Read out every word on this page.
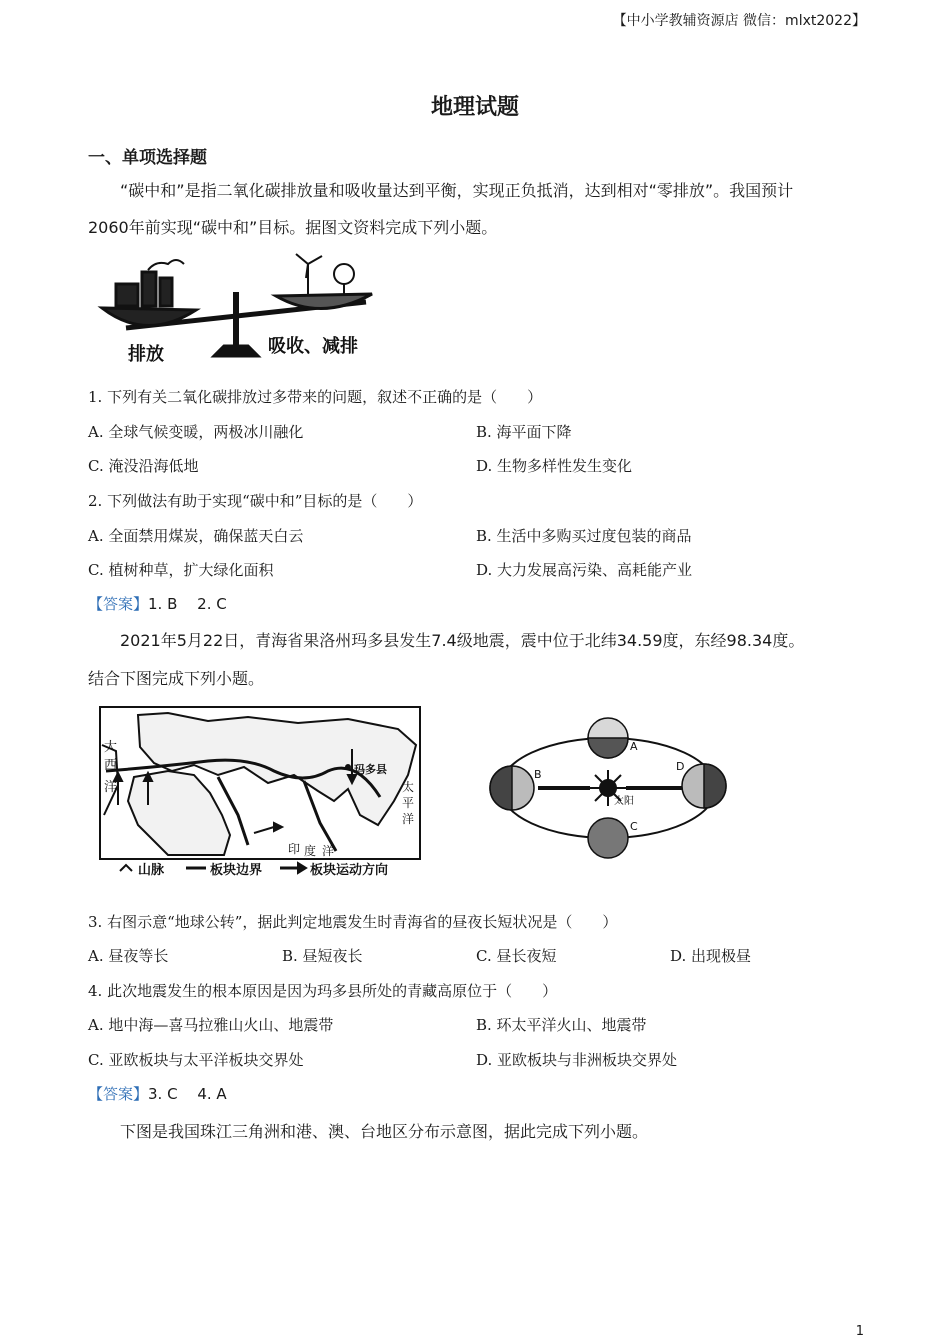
【中小学教辅资源店 微信：mlxt2022】
地理试题
一、单项选择题
“碳中和”是指二氧化碳排放量和吸收量达到平衡，实现正负抵消，达到相对“零排放”。我国预计
2060年前实现“碳中和”目标。据图文资料完成下列小题。
排放	吸收、减排
1. 下列有关二氧化碳排放过多带来的问题，叙述不正确的是（　　）
A. 全球气候变暖，两极冰川融化	B. 海平面下降
C. 淹没沿海低地	D. 生物多样性发生变化
2. 下列做法有助于实现“碳中和”目标的是（　　）
A. 全面禁用煤炭，确保蓝天白云	B. 生活中多购买过度包装的商品
C. 植树种草，扩大绿化面积	D. 大力发展高污染、高耗能产业
【答案】1. B　 2. C
2021年5月22日，青海省果洛州玛多县发生7.4级地震，震中位于北纬34.59度，东经98.34度。
结合下图完成下列小题。
大
西
洋
玛多县
太
平
洋
印 度 洋
山脉	板块边界	板块运动方向
A
B
C
D
太阳
3. 右图示意“地球公转”，据此判定地震发生时青海省的昼夜长短状况是（　　）
A. 昼夜等长	B. 昼短夜长	C. 昼长夜短	D. 出现极昼
4. 此次地震发生的根本原因是因为玛多县所处的青藏高原位于（　　）
A. 地中海—喜马拉雅山火山、地震带	B. 环太平洋火山、地震带
C. 亚欧板块与太平洋板块交界处	D. 亚欧板块与非洲板块交界处
【答案】3. C　 4. A
下图是我国珠江三角洲和港、澳、台地区分布示意图，据此完成下列小题。
1
